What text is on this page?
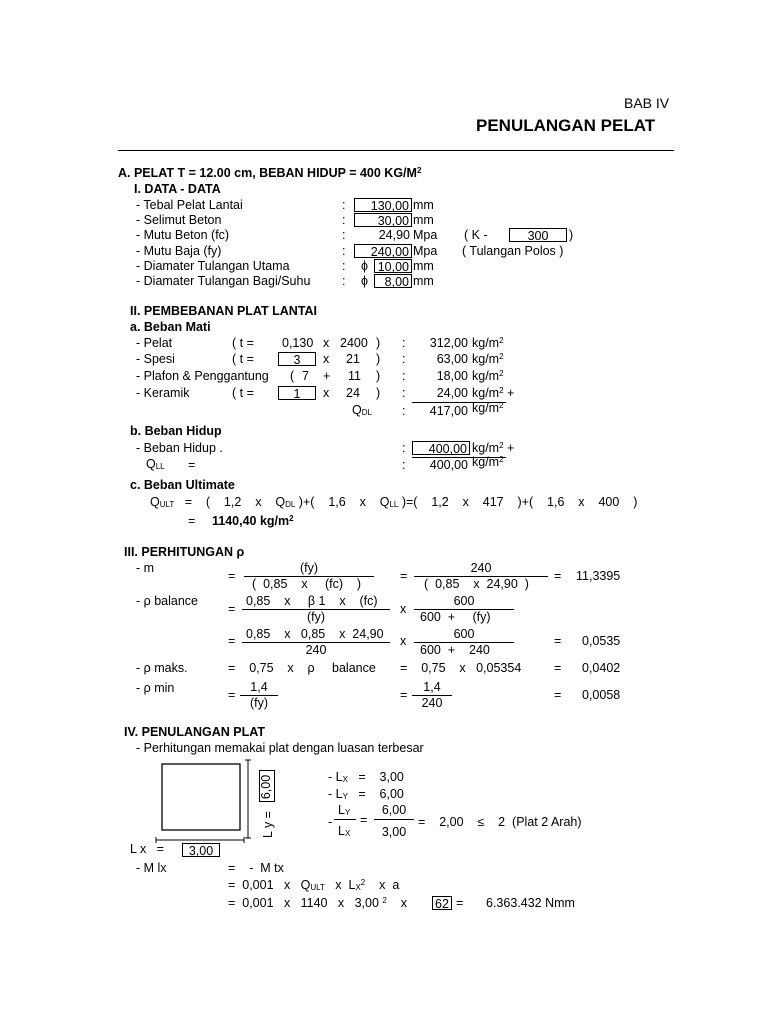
BAB IV
PENULANGAN PELAT
A. PELAT T = 12.00 cm, BEBAN HIDUP = 400 $KG/M^2$
I. DATA - DATA
- Tebal Pelat Lantai	:	130,00 mm
- Selimut Beton	:	30,00 mm
- Mutu Beton (fc)	:	24,90 Mpa ( K -	300	)
- Mutu Baja (fy)	:	240,00 Mpa ( Tulangan Polos )
- Diamater Tulangan Utama	: ϕ 10,00 mm
- Diamater Tulangan Bagi/Suhu	: ϕ	8,00 mm
II. PEMBEBANAN PLAT LANTAI
a. Beban Mati
- Pelat	( t = 0,130 x 2400 ) :	312,00 $kg/m^2$
- Spesi	( t =	3	x 21 ) :	63,00 $kg/m^2$
- Plafon & Penggantung ( 7 + 11 ) :	18,00 $kg/m^2$
- Keramik	( t =	1	x 24 ) :	24,00 $kg/m^2$ +
$Q_{DL}$ :	417,00 $kg/m^2$
b. Beban Hidup
- Beban Hidup .	:	400,00 $kg/m^2$ +
$Q_{LL}$ =	:	400,00 $kg/m^2$
c. Beban Ultimate
$Q_{ULT}$ =    (    1,2    x    $Q_{DL}$ )+(    1,6    x    $Q_{LL}$ )=(    1,2    x    417    )+(    1,6    x    400    )
= 1140,40 $kg/m^2$
III. PERHITUNGAN ρ
- m
=
(fy)
(  0,85    x     (fc)    )
=
240
(  0,85    x  24,90  )
= 11,3395
- ρ balance
=
0,85    x     β 1    x    (fc)
(fy)
x
600
600  +     (fy)
= 0,85    x   0,85    x  24,90
240
x	600
600  +    240
= 0,0535
- ρ maks.	=    0,75    x    ρ     balance =    0,75    x   0,05354	= 0,0402
- ρ min	=
1,4
(fy)
=
1,4
240
= 0,0058
IV. PENULANGAN PLAT
- Perhitungan memakai plat dengan luasan terbesar
L y =
6,00
L x   =	3,00
- $L_X$ =    3,00
- $L_Y$ =    6,00
-
$L_Y$
$L_X$
=
6,00
3,00
=    2,00    ≤    2  (Plat 2 Arah)
- M lx	=    -  M tx
=  0,001   x   $Q_{ULT}$ x  $L_X^2$ x  a
=  0,001   x   1140   x   3,00 $^2$ x 62 = 6.363.432 Nmm
